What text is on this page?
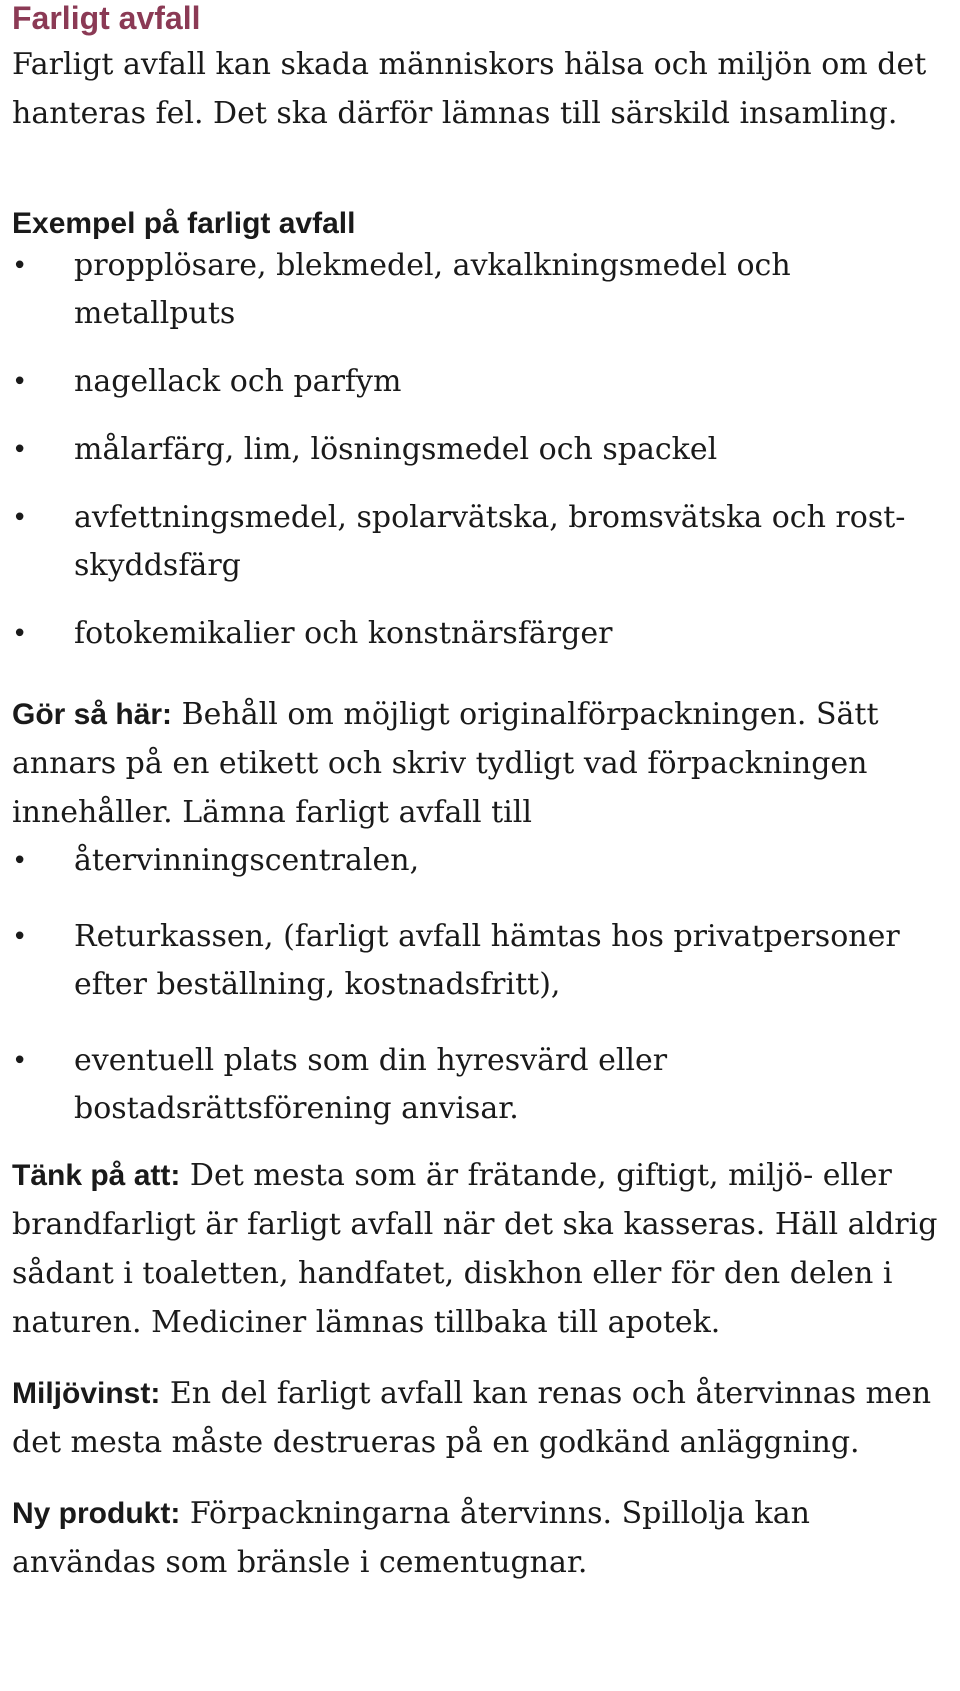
Farligt avfall

Farligt avfall kan skada människors hälsa och miljön om det hanteras fel. Det ska därför lämnas till särskild insamling.

Exempel på farligt avfall
• propplösare, blekmedel, avkalkningsmedel och metallputs
• nagellack och parfym
• målarfärg, lim, lösningsmedel och spackel
• avfettningsmedel, spolarvätska, bromsvätska och rostskyddsfärg
• fotokemikalier och konstnärsfärger

Gör så här: Behåll om möjligt originalförpackningen. Sätt annars på en etikett och skriv tydligt vad förpackningen innehåller. Lämna farligt avfall till

• återvinningscentralen,
• Returkassen, (farligt avfall hämtas hos privatpersoner efter beställning, kostnadsfritt),
• eventuell plats som din hyresvärd eller bostadsrättsförening anvisar.

Tänk på att: Det mesta som är frätande, giftigt, miljö- eller brandfarligt är farligt avfall när det ska kasseras. Häll aldrig sådant i toaletten, handfatet, diskhon eller för den delen i naturen. Mediciner lämnas tillbaka till apotek.

Miljövinst: En del farligt avfall kan renas och återvinnas men det mesta måste destrueras på en godkänd anläggning.

Ny produkt: Förpackningarna återvinns. Spillolja kan användas som bränsle i cementugnar.
